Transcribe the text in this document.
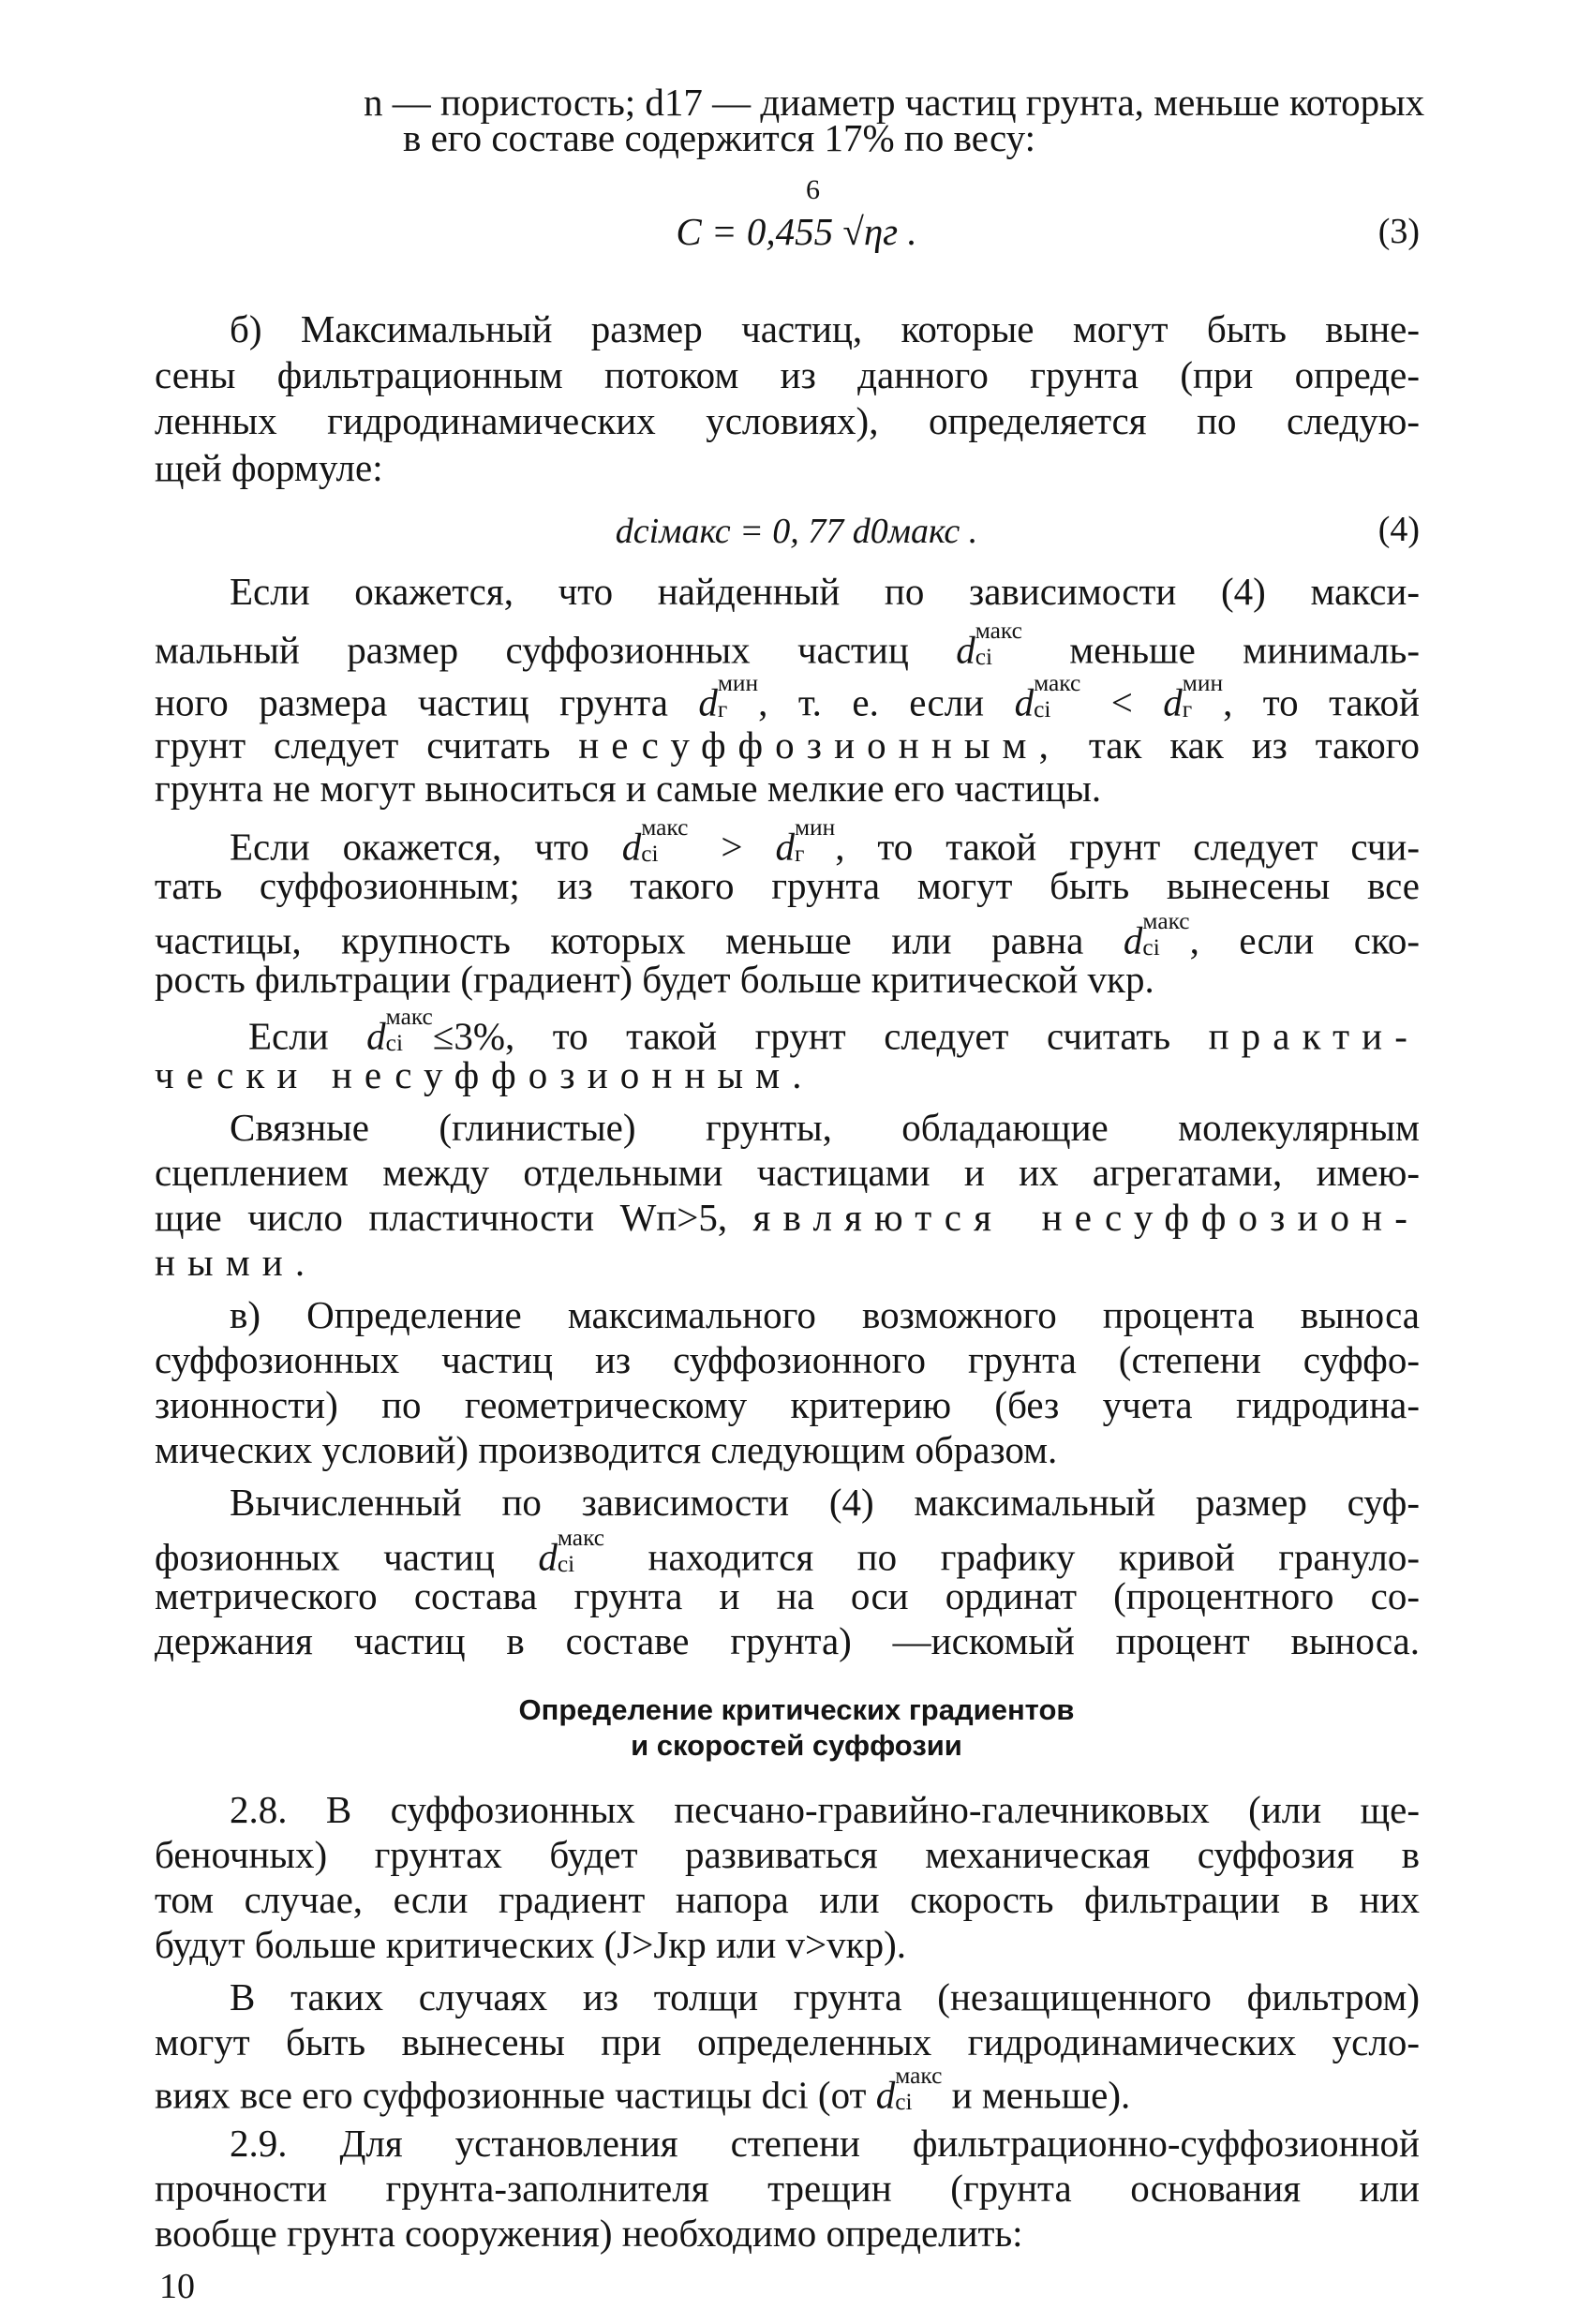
n — пористость; d17 — диаметр частиц грунта, меньше которых
в его составе содержится 17% по весу:
6
C = 0,455 √ηг .	(3)
б) Максимальный размер частиц, которые могут быть выне-
сены фильтрационным потоком из данного грунта (при опреде-
ленных гидродинамических условиях), определяется по следую-
щей формуле:
dciмакс = 0, 77 d0макс .	(4)
Если окажется, что найденный по зависимости (4) макси-
мальный размер суффозионных частиц d макс
ci меньше минималь-
ного размера частиц грунта d мин
г , т. е. если d макс
ci < d мин
г , то такой
грунт следует считать несуффозионным, так как из такого
грунта не могут выноситься и самые мелкие его частицы.
Если окажется, что d макс
ci > d мин
г , то такой грунт следует счи-
тать суффозионным; из такого грунта могут быть вынесены все
частицы, крупность которых меньше или равна d макс
ci , если ско-
рость фильтрации (градиент) будет больше критической vкр.
Если d макс
ci ≤3%, то такой грунт следует считать практи-
чески несуффозионным.
Связные (глинистые) грунты, обладающие молекулярным
сцеплением между отдельными частицами и их агрегатами, имею-
щие число пластичности Wп>5, являются несуффозион-
ными.
в) Определение максимального возможного процента выноса
суффозионных частиц из суффозионного грунта (степени суффо-
зионности) по геометрическому критерию (без учета гидродина-
мических условий) производится следующим образом.
Вычисленный по зависимости (4) максимальный размер суф-
фозионных частиц d макс
ci находится по графику кривой грануло-
метрического состава грунта и на оси ординат (процентного со-
держания частиц в составе грунта) —искомый процент выноса.
Определение критических градиентов
и скоростей суффозии
2.8. В суффозионных песчано-гравийно-галечниковых (или ще-
беночных) грунтах будет развиваться механическая суффозия в
том случае, если градиент напора или скорость фильтрации в них
будут больше критических (J>Jкр или v>vкр).
В таких случаях из толщи грунта (незащищенного фильтром)
могут быть вынесены при определенных гидродинамических усло-
виях все его суффозионные частицы dci (от d макс
ci и меньше).
2.9. Для установления степени фильтрационно-суффозионной
прочности грунта-заполнителя трещин (грунта основания или
вообще грунта сооружения) необходимо определить:
10
